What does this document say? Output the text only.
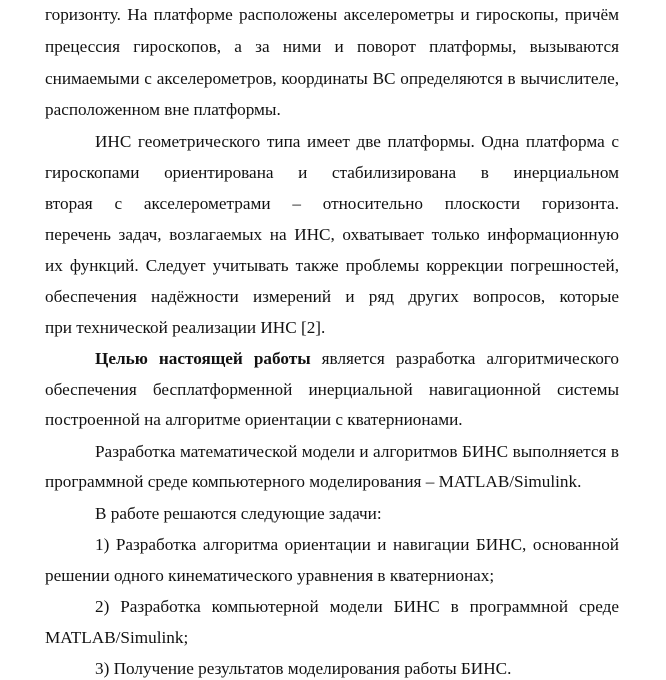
горизонту. На платформе расположены акселерометры и гироскопы, причём

прецессия гироскопов, а за ними и поворот платформы, вызываются

снимаемыми с акселерометров, координаты ВС определяются в вычислителе,

расположенном вне платформы.

ИНС геометрического типа имеет две платформы. Одна платформа с

гироскопами ориентирована и стабилизирована в инерциальном

вторая с акселерометрами – относительно плоскости горизонта.

перечень задач, возлагаемых на ИНС, охватывает только информационную

их функций. Следует учитывать также проблемы коррекции погрешностей,

обеспечения надёжности измерений и ряд других вопросов, которые

при технической реализации ИНС [2].

Целью настоящей работы является разработка алгоритмического

обеспечения бесплатформенной инерциальной навигационной системы

построенной на алгоритме ориентации с кватернионами.

Разработка математической модели и алгоритмов БИНС выполняется в

программной среде компьютерного моделирования – MATLAB/Simulink.

В работе решаются следующие задачи:

1) Разработка алгоритма ориентации и навигации БИНС, основанной

решении одного кинематического уравнения в кватернионах;

2) Разработка компьютерной модели БИНС в программной среде

MATLAB/Simulink;

3) Получение результатов моделирования работы БИНС.
